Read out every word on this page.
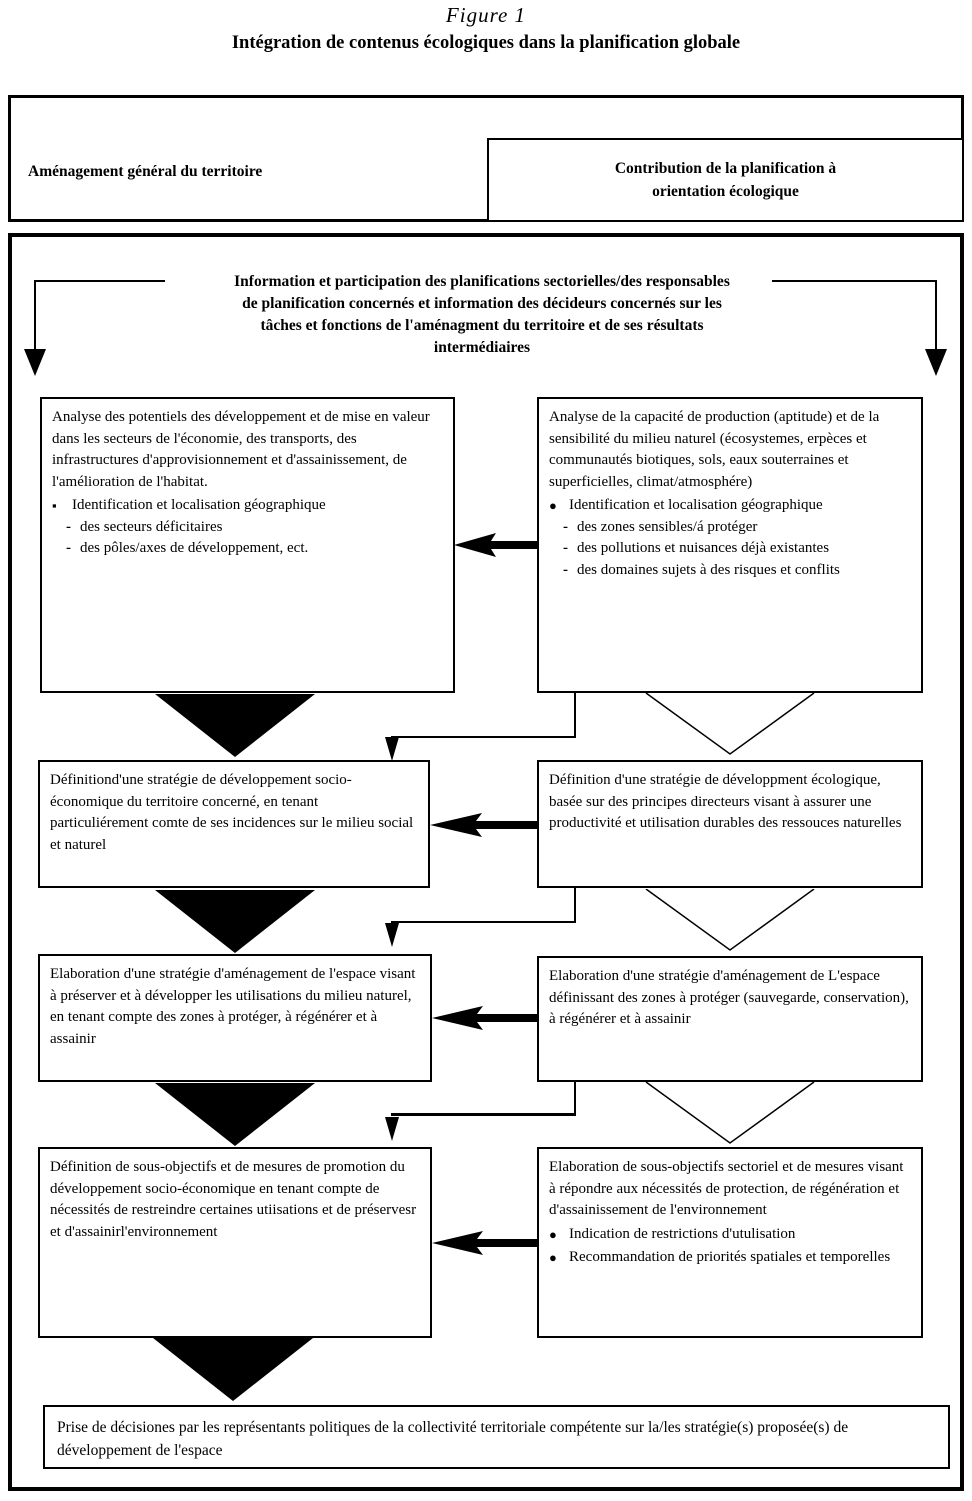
Figure 1
Intégration de contenus écologiques dans la planification globale
Aménagement général du territoire	Contribution de la planification à
orientation écologique
Information et participation des planifications sectorielles/des responsables
de planification concernés et information des décideurs concernés sur les
tâches et fonctions de l'aménagment du territoire et de ses résultats
intermédiaires

Analyse des potentiels des développement et de mise en valeur dans les secteurs de l'économie, des transports, des infrastructures d'approvisionnement et d'assainissement, de l'amélioration de l'habitat.

▪	Identification et localisation géographique
- des secteurs déficitaires
- des pôles/axes de développement, ect.

Analyse de la capacité de production (aptitude) et de la sensibilité du milieu naturel (écosystemes, erpèces et communautés biotiques, sols, eaux souterraines et superficielles, climat/atmosphére)

● Identification et localisation géographique
- des zones sensibles/á protéger
- des pollutions et nuisances déjà existantes
- des domaines sujets à des risques et conflits

Définitiond'une stratégie de développement socio-économique du territoire concerné, en tenant particuliérement comte de ses incidences sur le milieu social et naturel

Définition d'une stratégie de développment écologique, basée sur des principes directeurs visant à assurer une productivité et utilisation durables des ressouces naturelles

Elaboration d'une stratégie d'aménagement de l'espace visant à préserver et à développer les utilisations du milieu naturel, en tenant compte des zones à protéger, à régénérer et à assainir

Elaboration d'une stratégie d'aménagement de L'espace définissant des zones à protéger (sauvegarde, conservation), à régénérer et à assainir

Définition de sous-objectifs et de mesures de promotion du développement socio-économique en tenant compte de nécessités de restreindre certaines utiisations et de préservesr et d'assainirl'environnement

Elaboration de sous-objectifs sectoriel et de mesures visant à répondre aux nécessités de protection, de régénération et d'assainissement de l'environnement

● Indication de restrictions d'utulisation
● Recommandation de priorités spatiales et temporelles

Prise de décisiones par les représentants politiques de la collectivité territoriale compétente sur la/les stratégie(s) proposée(s) de développement de l'espace
